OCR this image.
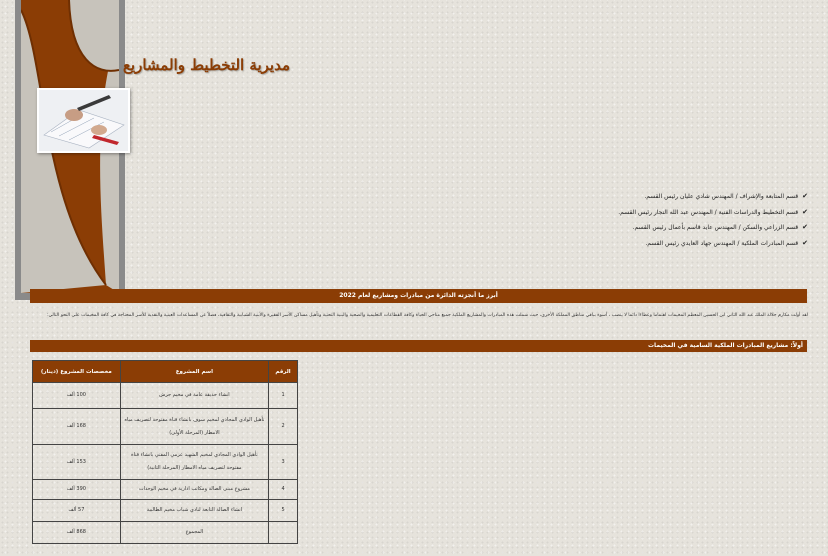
مديرية التخطيط والمشاريع
✔قسم المتابعة والإشراف / المهندس شادي عليان رئيس القسم.
✔قسم التخطيط والدراسات الفنية / المهندس عبد الله النجار رئيس القسم.
✔قسم الزراعي والسكن / المهندس عايد قاسم بأعمال رئيس القسم.
✔قسم المبادرات الملكية / المهندس جهاد العايدي رئيس القسم.
أبرز ما أنجزته الدائرة من مبادرات ومشاريع لعام 2022

لقد أولت مكارم جلالة الملك عبد الله الثاني ابن الحسين المعظم المخيمات اهتماما وعطاءا دائما لا ينضب ، أسوة بباقي مناطق المملكة الأخرى، حيث شملت هذه المبادرات والمشاريع الملكية جميع مناحي الحياة وكافة القطاعات التعليمية والصحية والبنية التحتية وتأهيل مساكن الأسر الفقيرة والأبنية الشبابية والثقافية، فضلاً عن المساعدات العينية والنقدية للأسر المحتاجة في كافة المخيمات على النحو التالي:

أولاً: مشاريع المبادرات الملكية السامية في المخيمات
الرقم	اسم المشروع	مخصصات المشروع (دينار)
1	انشاء حديقة عامة في مخيم جرش	100 ألف
2	تأهيل الوادي المجاذي لمخيم سوف بانشاء قناة مفتوحة لتصريف مياه الامطار (المرحلة الأولى)	168 ألف
3	تأهيل الوادي المجاذي لمخيم الشهيد عزمي المفتي بانشاء قناة مفتوحة لتصريف مياه الامطار (المرحلة الثانية)	153 ألف
4	مشروع مبنى الصالة ومكاتب ادارية في مخيم الوحدات	390 ألف
5	انشاء الصالة التابعة لنادي شباب مخيم الطالبية	57 ألف
	المجموع	868 ألف
